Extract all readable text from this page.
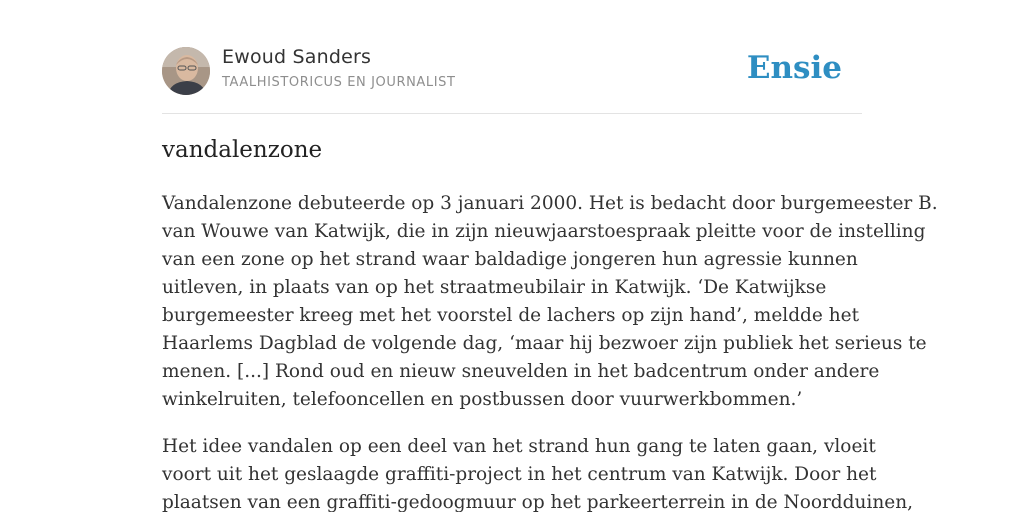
Ewoud Sanders
TAALHISTORICUS EN JOURNALIST	Ensie
vandalenzone

Vandalenzone debuteerde op 3 januari 2000. Het is bedacht door burgemeester B.
van Wouwe van Katwijk, die in zijn nieuwjaarstoespraak pleitte voor de instelling
van een zone op het strand waar baldadige jongeren hun agressie kunnen
uitleven, in plaats van op het straatmeubilair in Katwijk. ‘De Katwijkse
burgemeester kreeg met het voorstel de lachers op zijn hand’, meldde het
Haarlems Dagblad de volgende dag, ‘maar hij bezwoer zijn publiek het serieus te
menen. [...] Rond oud en nieuw sneuvelden in het badcentrum onder andere
winkelruiten, telefooncellen en postbussen door vuurwerkbommen.’

Het idee vandalen op een deel van het strand hun gang te laten gaan, vloeit
voort uit het geslaagde graffiti-project in het centrum van Katwijk. Door het
plaatsen van een graffiti-gedoogmuur op het parkeerterrein in de Noordduinen,
